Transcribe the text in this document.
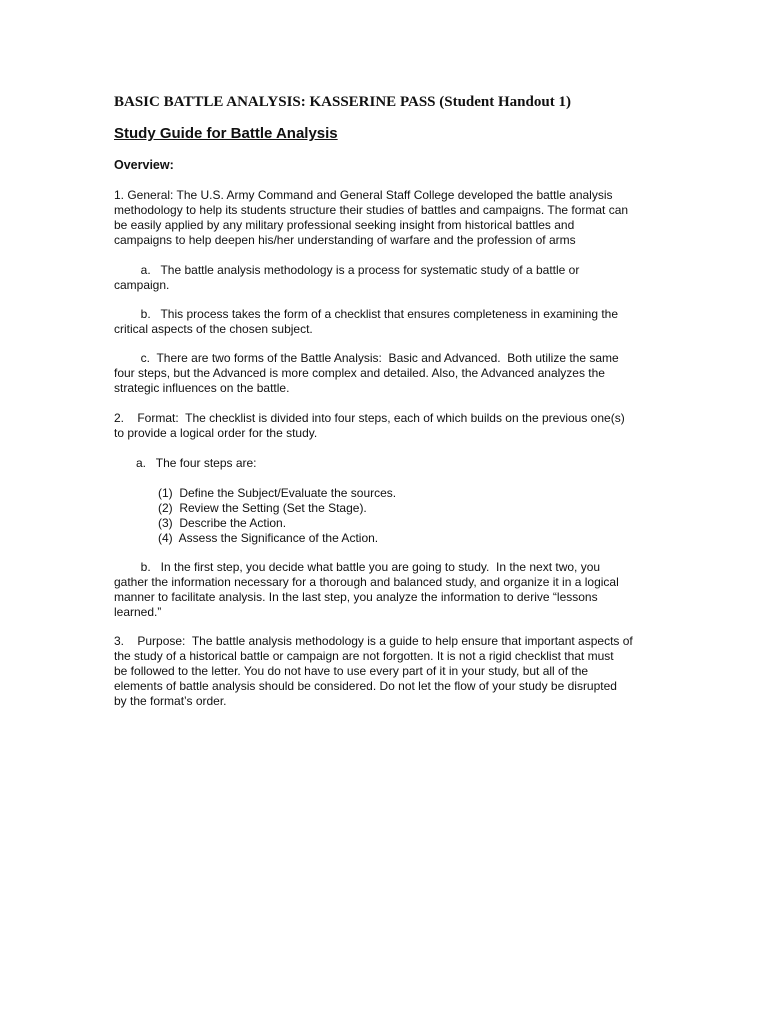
BASIC BATTLE ANALYSIS: KASSERINE PASS (Student Handout 1)
Study Guide for Battle Analysis
Overview:
1. General: The U.S. Army Command and General Staff College developed the battle analysis
methodology to help its students structure their studies of battles and campaigns. The format can
be easily applied by any military professional seeking insight from historical battles and
campaigns to help deepen his/her understanding of warfare and the profession of arms
a.   The battle analysis methodology is a process for systematic study of a battle or
campaign.
b.   This process takes the form of a checklist that ensures completeness in examining the
critical aspects of the chosen subject.
c.  There are two forms of the Battle Analysis:  Basic and Advanced.  Both utilize the same
four steps, but the Advanced is more complex and detailed. Also, the Advanced analyzes the
strategic influences on the battle.
2.    Format:  The checklist is divided into four steps, each of which builds on the previous one(s)
to provide a logical order for the study.
a.   The four steps are:
(1)  Define the Subject/Evaluate the sources.
(2)  Review the Setting (Set the Stage).
(3)  Describe the Action.
(4)  Assess the Significance of the Action.
b.   In the first step, you decide what battle you are going to study.  In the next two, you
gather the information necessary for a thorough and balanced study, and organize it in a logical
manner to facilitate analysis. In the last step, you analyze the information to derive “lessons
learned.”
3.    Purpose:  The battle analysis methodology is a guide to help ensure that important aspects of
the study of a historical battle or campaign are not forgotten. It is not a rigid checklist that must
be followed to the letter. You do not have to use every part of it in your study, but all of the
elements of battle analysis should be considered. Do not let the flow of your study be disrupted
by the format’s order.
